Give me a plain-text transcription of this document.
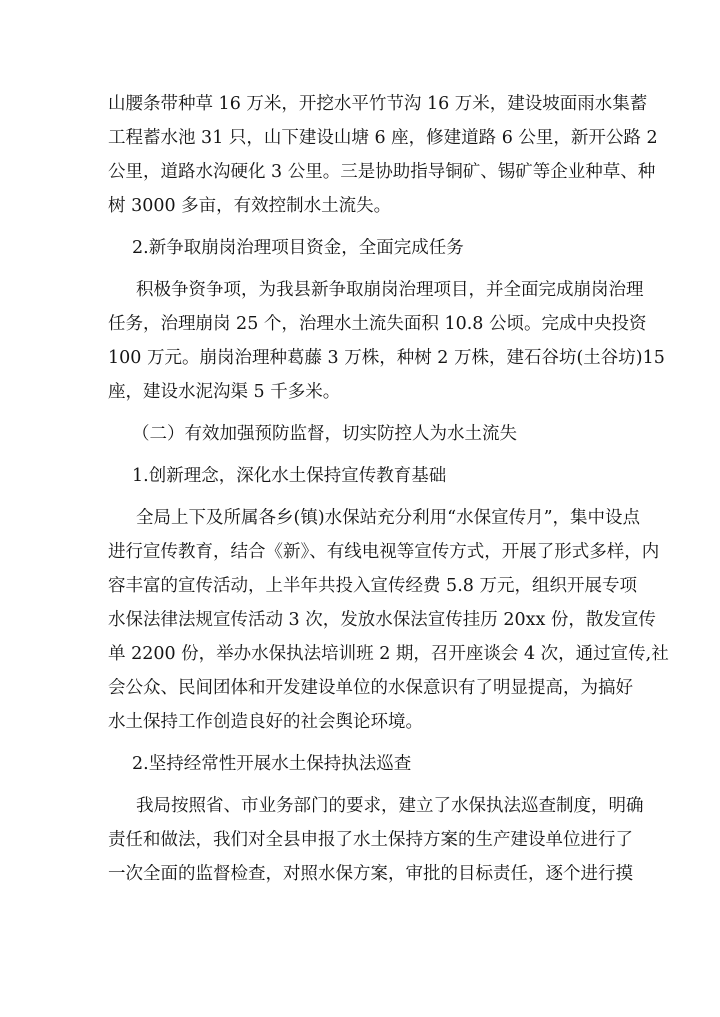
山腰条带种草 16 万米，开挖水平竹节沟 16 万米，建设坡面雨水集蓄
工程蓄水池 31 只，山下建设山塘 6 座，修建道路 6 公里，新开公路 2
公里，道路水沟硬化 3 公里。三是协助指导铜矿、锡矿等企业种草、种
树 3000 多亩，有效控制水土流失。
2.新争取崩岗治理项目资金，全面完成任务
积极争资争项，为我县新争取崩岗治理项目，并全面完成崩岗治理
任务，治理崩岗 25 个，治理水土流失面积 10.8 公顷。完成中央投资
100 万元。崩岗治理种葛藤 3 万株，种树 2 万株，建石谷坊(土谷坊)15
座，建设水泥沟渠 5 千多米。
（二）有效加强预防监督，切实防控人为水土流失
1.创新理念，深化水土保持宣传教育基础
全局上下及所属各乡(镇)水保站充分利用“水保宣传月”，集中设点
进行宣传教育，结合《新》、有线电视等宣传方式，开展了形式多样，内
容丰富的宣传活动，上半年共投入宣传经费 5.8 万元，组织开展专项
水保法律法规宣传活动 3 次，发放水保法宣传挂历 20xx 份，散发宣传
单 2200 份，举办水保执法培训班 2 期，召开座谈会 4 次，通过宣传,社
会公众、民间团体和开发建设单位的水保意识有了明显提高，为搞好
水土保持工作创造良好的社会舆论环境。
2.坚持经常性开展水土保持执法巡查
我局按照省、市业务部门的要求，建立了水保执法巡查制度，明确
责任和做法，我们对全县申报了水土保持方案的生产建设单位进行了
一次全面的监督检查，对照水保方案，审批的目标责任，逐个进行摸
